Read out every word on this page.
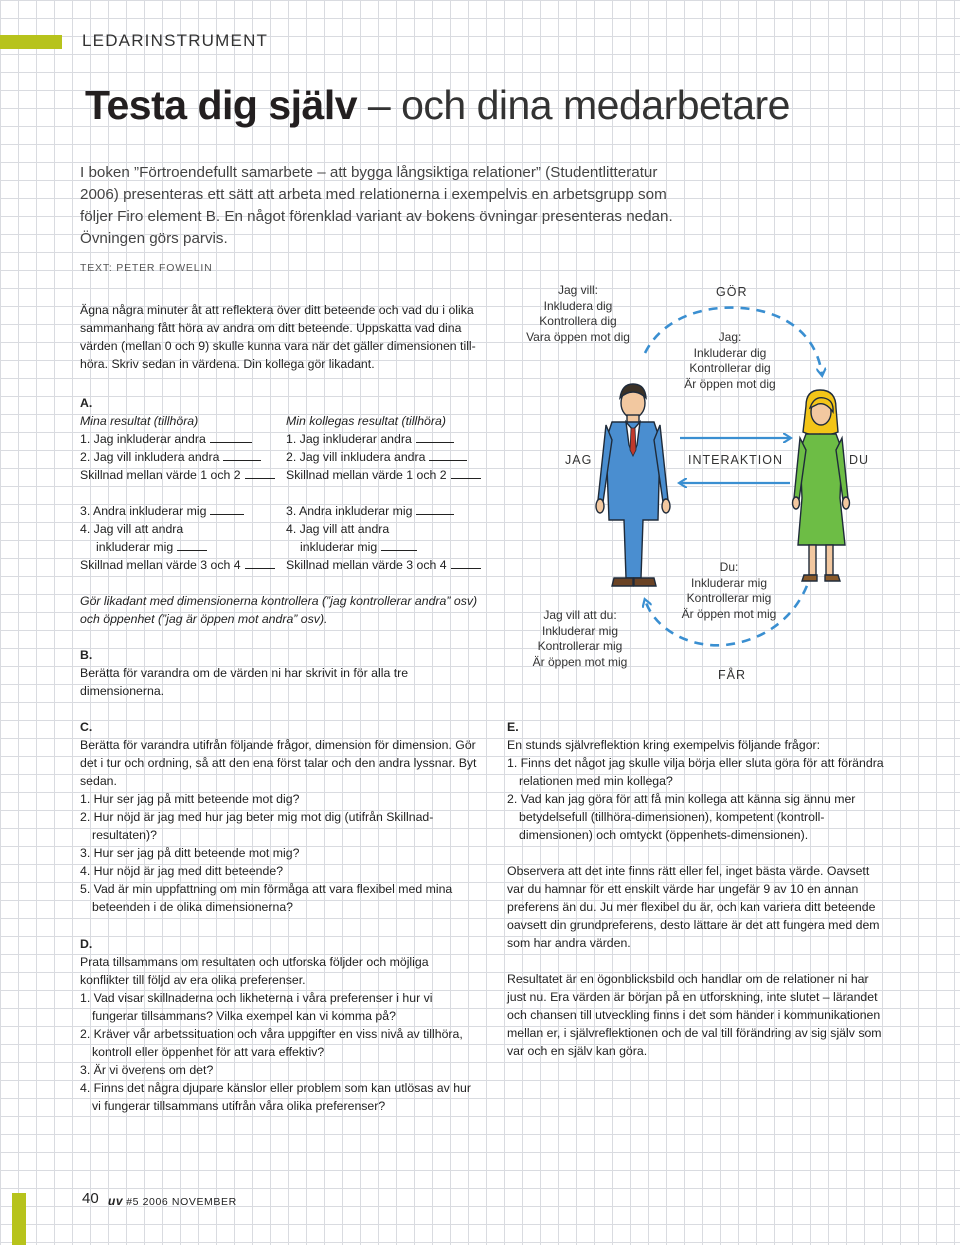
LEDARINSTRUMENT
Testa dig själv – och dina medarbetare
I boken ”Förtroendefullt samarbete – att bygga långsiktiga relationer” (Studentlitteratur 2006) presenteras ett sätt att arbeta med relationerna i exempelvis en arbetsgrupp som följer Firo element B. En något förenklad variant av bokens övningar presenteras nedan. Övningen görs parvis.
TEXT: PETER FOWELIN
Ägna några minuter åt att reflektera över ditt beteende och vad du i olika sammanhang fått höra av andra om ditt beteende. Uppskatta vad dina värden (mellan 0 och 9) skulle kunna vara när det gäller dimensionen till-höra. Skriv sedan in värdena. Din kollega gör likadant.
A.
Mina resultat (tillhöra)
1. Jag inkluderar andra
2. Jag vill inkludera andra
Skillnad mellan värde 1 och 2
3. Andra inkluderar mig
4. Jag vill att andra
inkluderar mig
Skillnad mellan värde 3 och 4
Min kollegas resultat (tillhöra)
1. Jag inkluderar andra
2. Jag vill inkludera andra
Skillnad mellan värde 1 och 2
3. Andra inkluderar mig
4. Jag vill att andra
inkluderar mig
Skillnad mellan värde 3 och 4
Gör likadant med dimensionerna kontrollera (”jag kontrollerar andra” osv) och öppenhet (”jag är öppen mot andra” osv).
B.
Berätta för varandra om de värden ni har skrivit in för alla tre dimensionerna.
C.
Berätta för varandra utifrån följande frågor, dimension för dimension. Gör det i tur och ordning, så att den ena först talar och den andra lyssnar. Byt sedan.
1. Hur ser jag på mitt beteende mot dig?
2. Hur nöjd är jag med hur jag beter mig mot dig (utifrån Skillnad-resultaten)?
3. Hur ser jag på ditt beteende mot mig?
4. Hur nöjd är jag med ditt beteende?
5. Vad är min uppfattning om min förmåga att vara flexibel med mina beteenden i de olika dimensionerna?
D.
Prata tillsammans om resultaten och utforska följder och möjliga konflikter till följd av era olika preferenser.
1. Vad visar skillnaderna och likheterna i våra preferenser i hur vi fungerar tillsammans? Vilka exempel kan vi komma på?
2. Kräver vår arbetssituation och våra uppgifter en viss nivå av tillhöra, kontroll eller öppenhet för att vara effektiv?
3. Är vi överens om det?
4. Finns det några djupare känslor eller problem som kan utlösas av hur vi fungerar tillsammans utifrån våra olika preferenser?
E.
En stunds självreflektion kring exempelvis följande frågor:
1. Finns det något jag skulle vilja börja eller sluta göra för att förändra relationen med min kollega?
2. Vad kan jag göra för att få min kollega att känna sig ännu mer betydelsefull (tillhöra-dimensionen), kompetent (kontroll-dimensionen) och omtyckt (öppenhets-dimensionen).
Observera att det inte finns rätt eller fel, inget bästa värde. Oavsett var du hamnar för ett enskilt värde har ungefär 9 av 10 en annan preferens än du. Ju mer flexibel du är, och kan variera ditt beteende oavsett din grundpreferens, desto lättare är det att fungera med dem som har andra värden.
Resultatet är en ögonblicksbild och handlar om de relationer ni har just nu. Era värden är början på en utforskning, inte slutet – lärandet och chansen till utveckling finns i det som händer i kommunikationen mellan er, i självreflektionen och de val till förändring av sig själv som var och en själv kan göra.
Jag vill:
Inkludera dig
Kontrollera dig
Vara öppen mot dig
GÖR
Jag:
Inkluderar dig
Kontrollerar dig
Är öppen mot dig
JAG	INTERAKTION	DU
Du:
Inkluderar mig
Kontrollerar mig
Är öppen mot mig
Jag vill att du:
Inkluderar mig
Kontrollerar mig
Är öppen mot mig
FÅR
40 uv #5 2006 NOVEMBER
